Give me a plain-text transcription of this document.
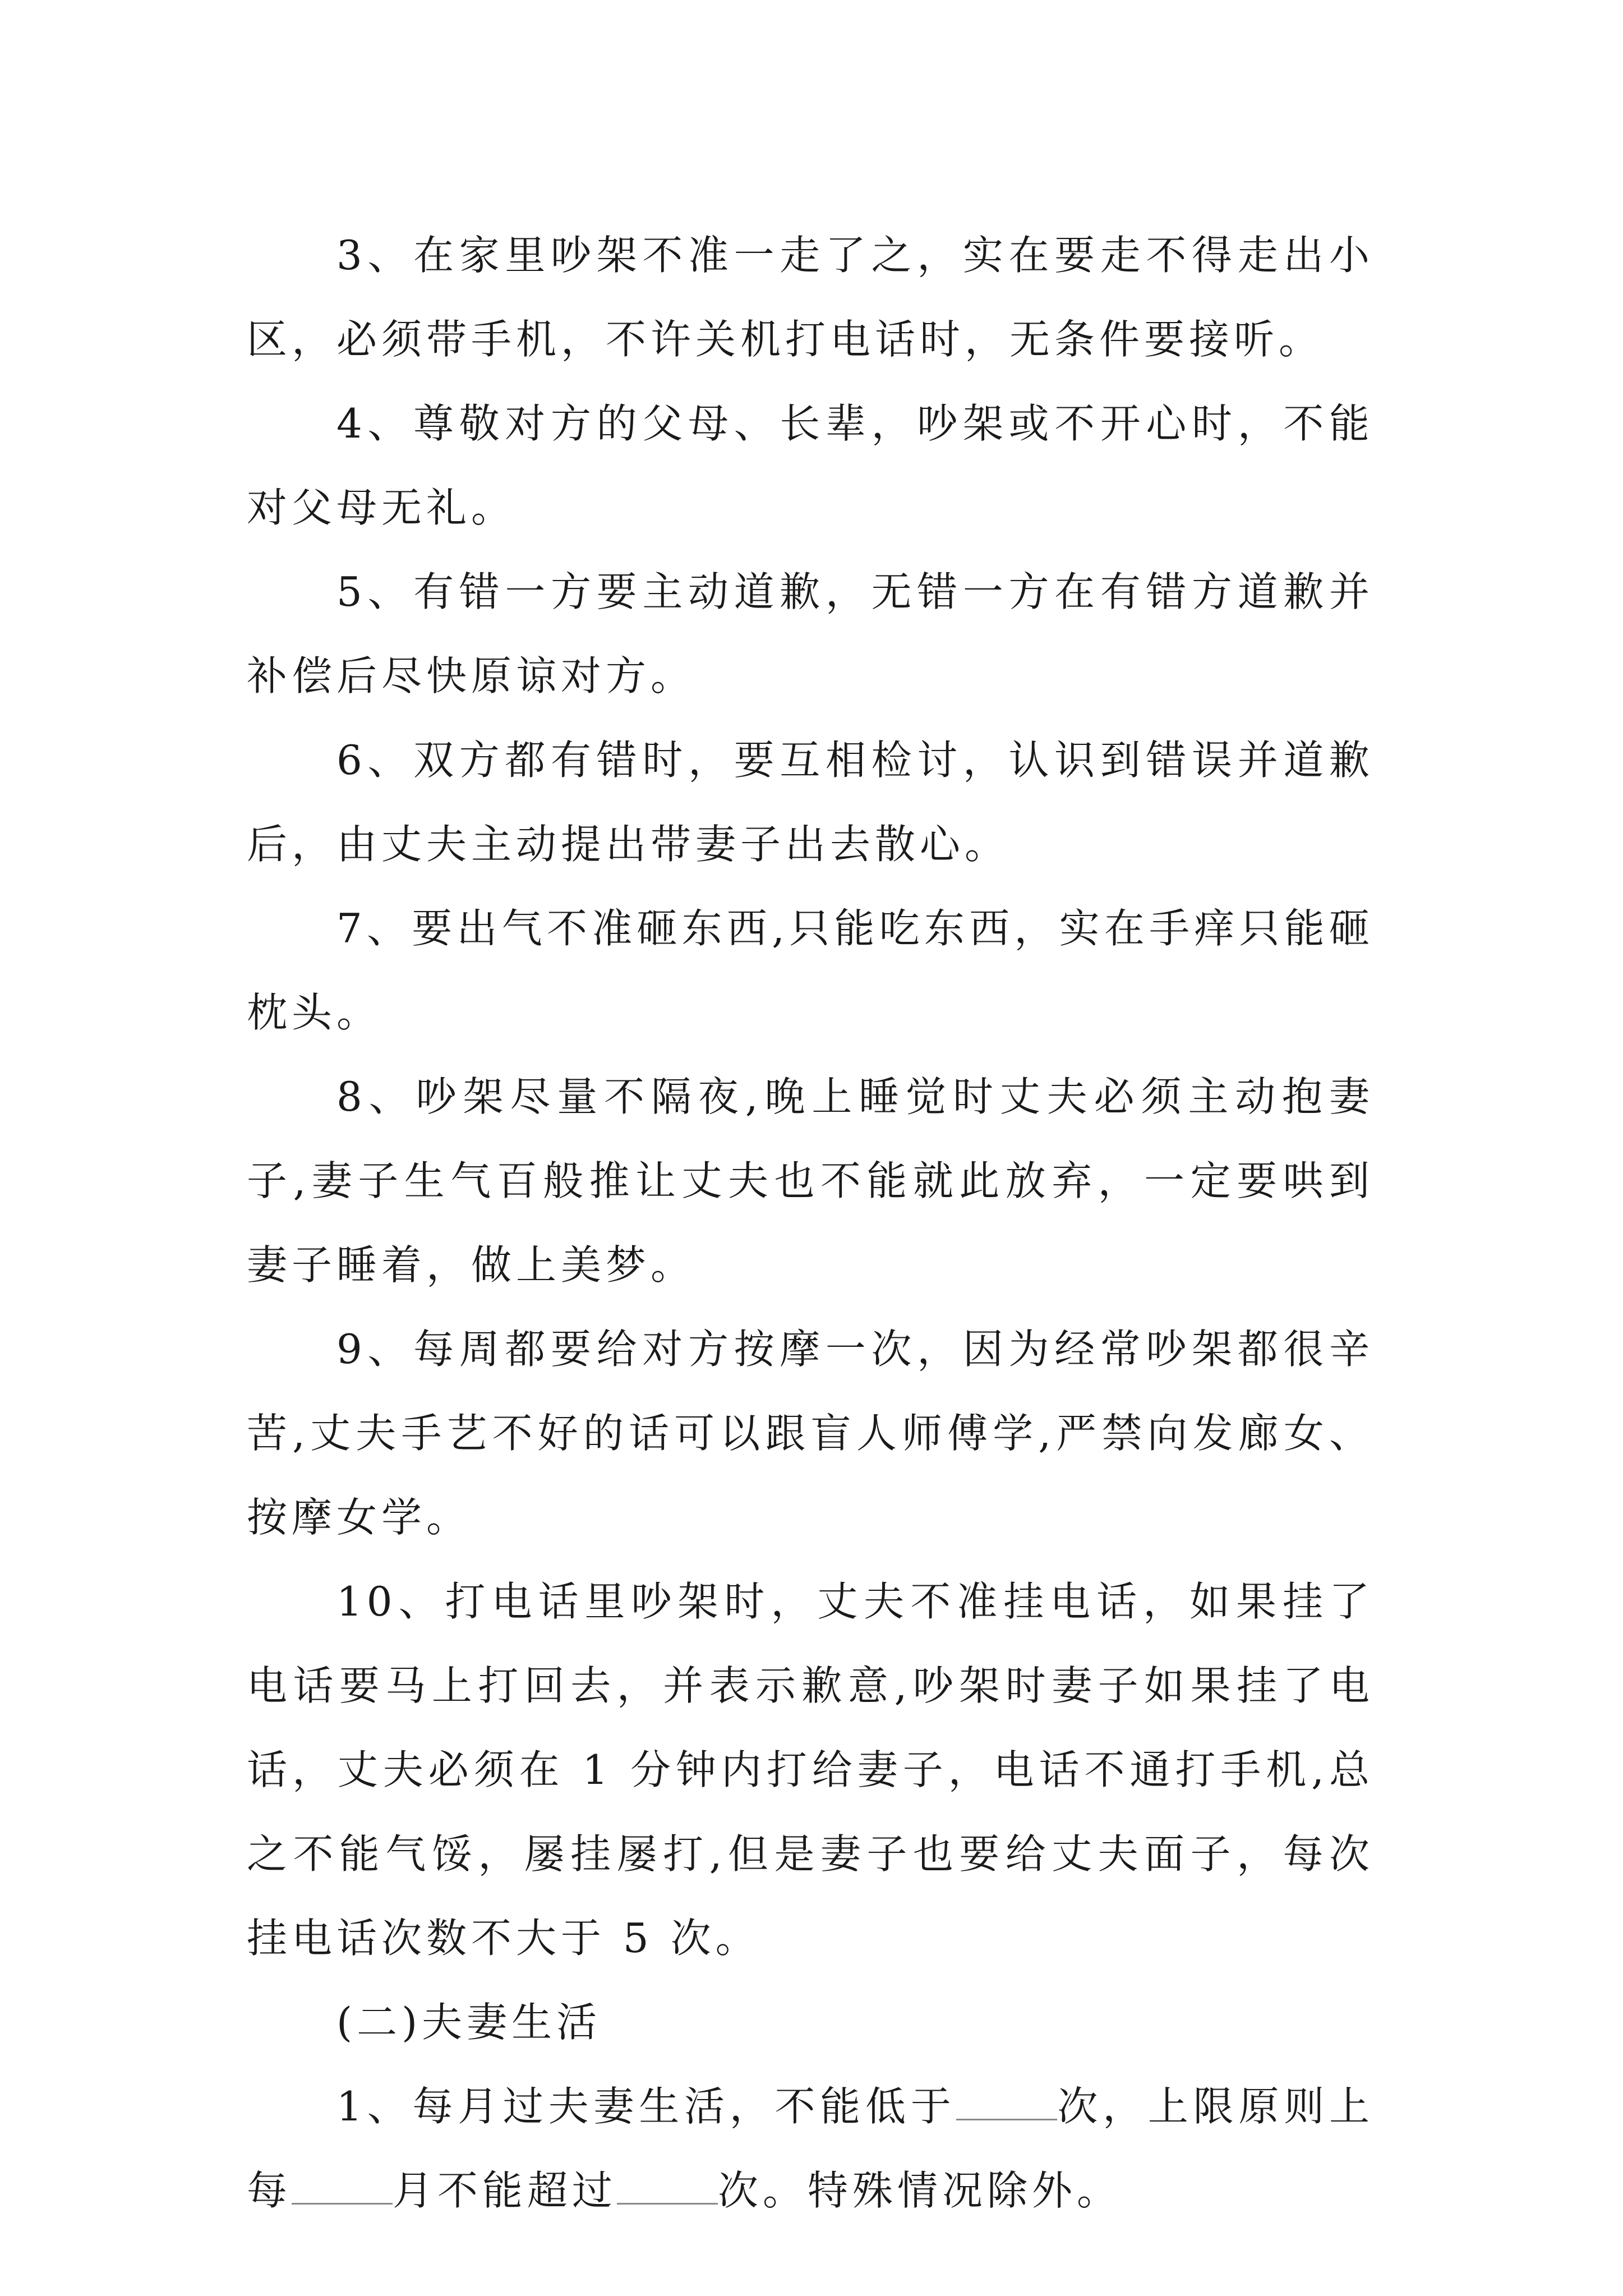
3、在家里吵架不准一走了之，实在要走不得走出小区，必须带手机，不许关机打电话时，无条件要接听。

4、尊敬对方的父母、长辈，吵架或不开心时，不能对父母无礼。

5、有错一方要主动道歉，无错一方在有错方道歉并补偿后尽快原谅对方。

6、双方都有错时，要互相检讨，认识到错误并道歉后，由丈夫主动提出带妻子出去散心。

7、要出气不准砸东西,只能吃东西，实在手痒只能砸枕头。

8、吵架尽量不隔夜,晚上睡觉时丈夫必须主动抱妻子,妻子生气百般推让丈夫也不能就此放弃，一定要哄到妻子睡着，做上美梦。

9、每周都要给对方按摩一次，因为经常吵架都很辛苦,丈夫手艺不好的话可以跟盲人师傅学,严禁向发廊女、按摩女学。

10、打电话里吵架时，丈夫不准挂电话，如果挂了电话要马上打回去，并表示歉意,吵架时妻子如果挂了电话，丈夫必须在 1 分钟内打给妻子，电话不通打手机,总之不能气馁，屡挂屡打,但是妻子也要给丈夫面子，每次挂电话次数不大于 5 次。

(二)夫妻生活

1、每月过夫妻生活，不能低于	次，上限原则上每	月不能超过	次。特殊情况除外。
